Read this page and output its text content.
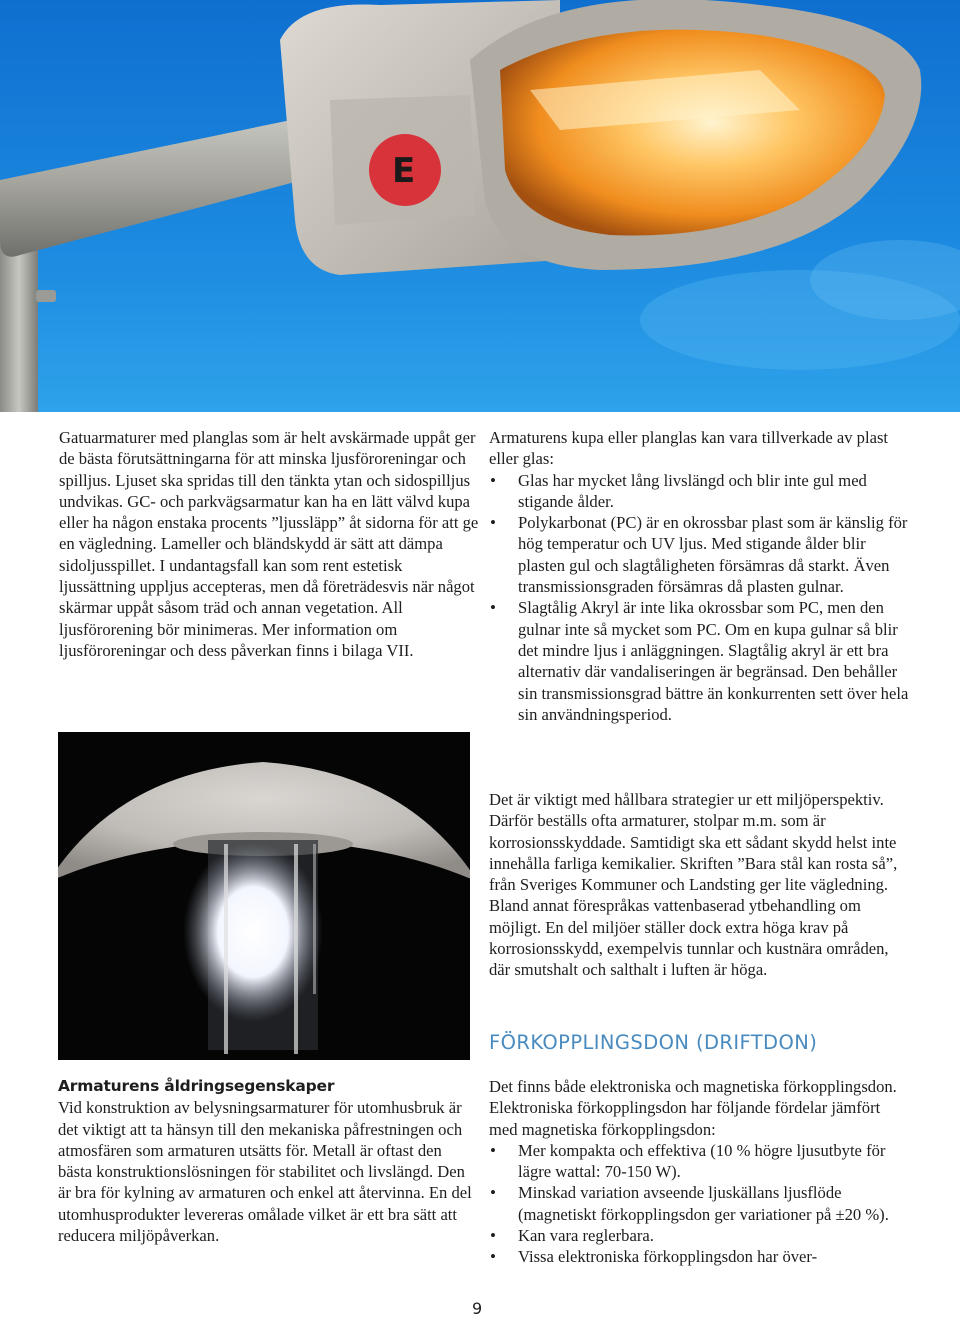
E

Gatuarmaturer med planglas som är helt avskärmade uppåt ger de bästa förutsättningarna för att minska ljusföroreningar och spilljus. Ljuset ska spridas till den tänkta ytan och sidospilljus undvikas. GC- och parkvägsarmatur kan ha en lätt välvd kupa eller ha någon enstaka procents ”ljussläpp” åt sidorna för att ge en vägledning. Lameller och bländskydd är sätt att dämpa sidoljusspillet. I undantagsfall kan som rent estetisk ljussättning uppljus accepteras, men då företrädesvis när något skärmar uppåt såsom träd och annan vegetation. All ljusförorening bör minimeras. Mer information om ljusföroreningar och dess påverkan finns i bilaga VII.

Armaturens kupa eller planglas kan vara tillverkade av plast eller glas:

• Glas har mycket lång livslängd och blir inte gul med stigande ålder.
• Polykarbonat (PC) är en okrossbar plast som är känslig för hög temperatur och UV ljus. Med stigande ålder blir plasten gul och slagtåligheten försämras då starkt. Även transmissionsgraden försämras då plasten gulnar.
• Slagtålig Akryl är inte lika okrossbar som PC, men den gulnar inte så mycket som PC. Om en kupa gulnar så blir det mindre ljus i anläggningen. Slagtålig akryl är ett bra alternativ där vandaliseringen är begränsad. Den behåller sin transmissionsgrad bättre än konkurrenten sett över hela sin användningsperiod.

Det är viktigt med hållbara strategier ur ett miljöperspektiv. Därför beställs ofta armaturer, stolpar m.m. som är korrosionsskyddade. Samtidigt ska ett sådant skydd helst inte innehålla farliga kemikalier. Skriften ”Bara stål kan rosta så”, från Sveriges Kommuner och Landsting ger lite vägledning. Bland annat förespråkas vattenbaserad ytbehandling om möjligt. En del miljöer ställer dock extra höga krav på korrosionsskydd, exempelvis tunnlar och kustnära områden, där smutshalt och salthalt i luften är höga.

FÖRKOPPLINGSDON (DRIFTDON)

Det finns både elektroniska och magnetiska förkopplingsdon. Elektroniska förkopplingsdon har följande fördelar jämfört med magnetiska förkopplingsdon:

• Mer kompakta och effektiva (10 % högre ljusutbyte för lägre wattal: 70-150 W).
• Minskad variation avseende ljuskällans ljusflöde (magnetiskt förkopplingsdon ger variationer på ±20 %).
• Kan vara reglerbara.
• Vissa elektroniska förkopplingsdon har över-
Armaturens åldringsegenskaper

Vid konstruktion av belysningsarmaturer för utomhusbruk är det viktigt att ta hänsyn till den mekaniska påfrestningen och atmosfären som armaturen utsätts för. Metall är oftast den bästa konstruktionslösningen för stabilitet och livslängd. Den är bra för kylning av armaturen och enkel att återvinna. En del utomhusprodukter levereras omålade vilket är ett bra sätt att reducera miljöpåverkan.

9
